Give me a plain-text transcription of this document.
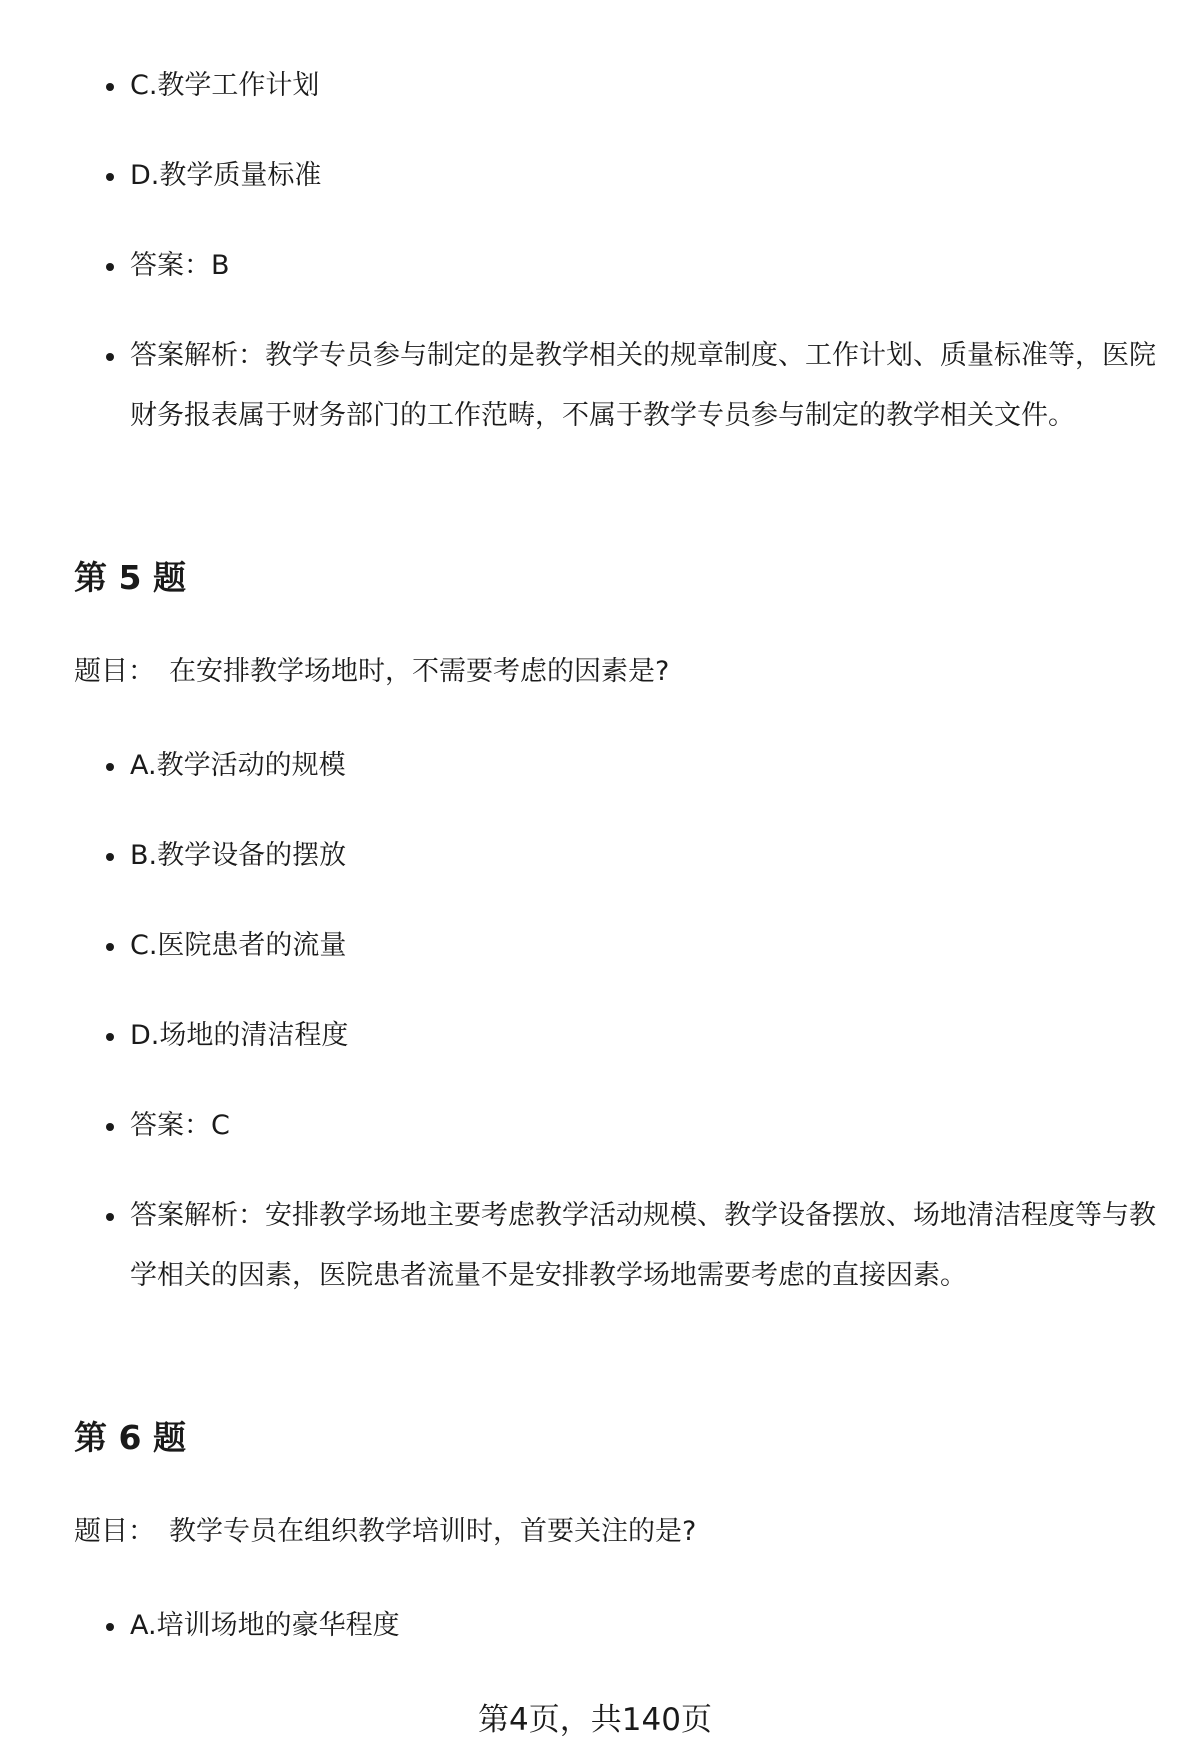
C.教学工作计划
D.教学质量标准
答案：B
答案解析：教学专员参与制定的是教学相关的规章制度、工作计划、质量标准等，医院财务报表属于财务部门的工作范畴，不属于教学专员参与制定的教学相关文件。
第 5 题
题目： 在安排教学场地时，不需要考虑的因素是?
A.教学活动的规模
B.教学设备的摆放
C.医院患者的流量
D.场地的清洁程度
答案：C
答案解析：安排教学场地主要考虑教学活动规模、教学设备摆放、场地清洁程度等与教学相关的因素，医院患者流量不是安排教学场地需要考虑的直接因素。
第 6 题
题目： 教学专员在组织教学培训时，首要关注的是?
A.培训场地的豪华程度
第4页，共140页
